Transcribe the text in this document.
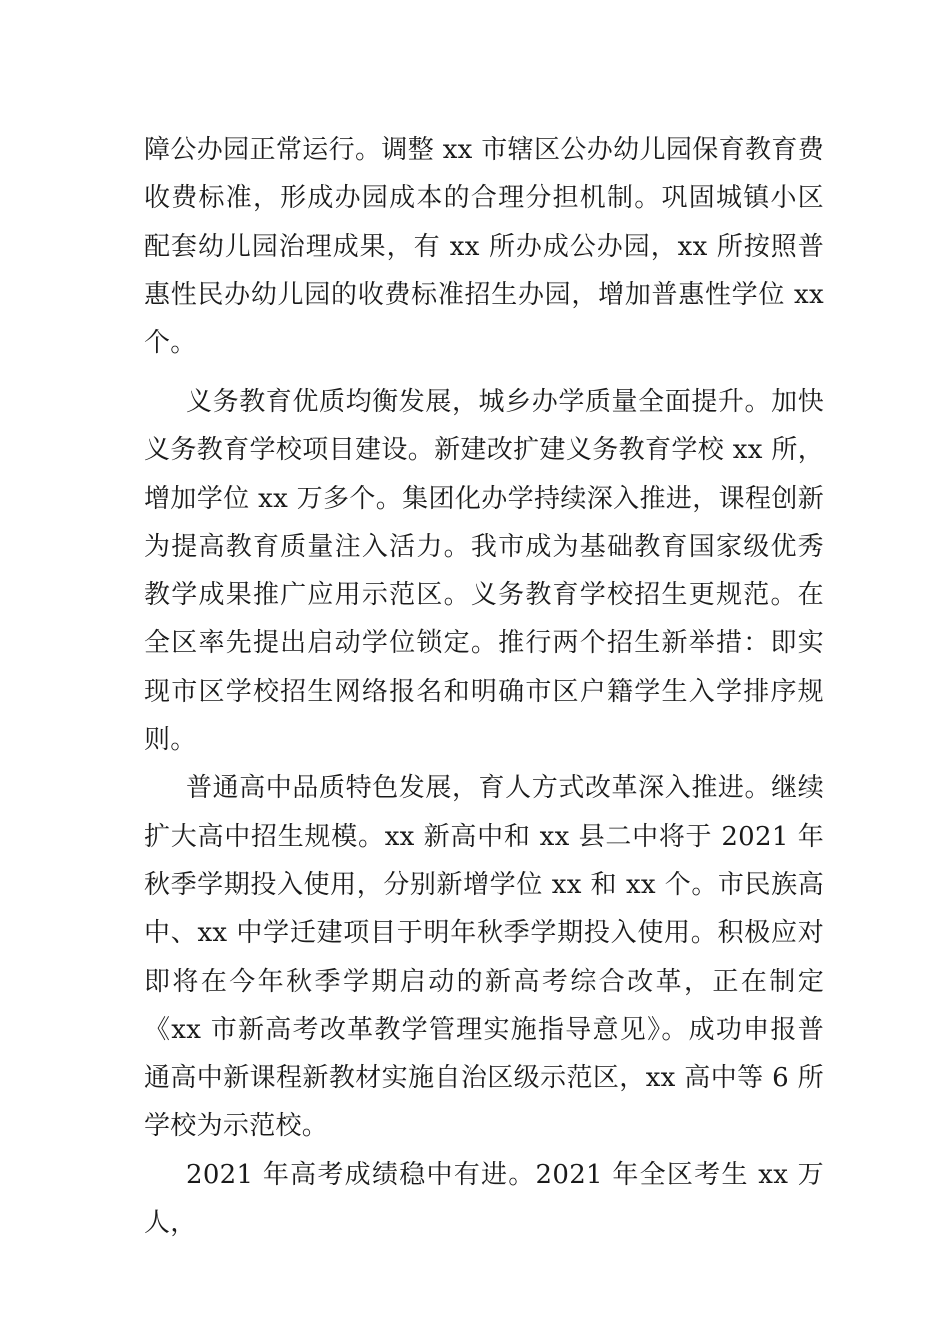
障公办园正常运行。调整 xx 市辖区公办幼儿园保育教育费收费标准，形成办园成本的合理分担机制。巩固城镇小区配套幼儿园治理成果，有 xx 所办成公办园，xx 所按照普惠性民办幼儿园的收费标准招生办园，增加普惠性学位 xx 个。

义务教育优质均衡发展，城乡办学质量全面提升。加快义务教育学校项目建设。新建改扩建义务教育学校 xx 所，增加学位 xx 万多个。集团化办学持续深入推进，课程创新为提高教育质量注入活力。我市成为基础教育国家级优秀教学成果推广应用示范区。义务教育学校招生更规范。在全区率先提出启动学位锁定。推行两个招生新举措：即实现市区学校招生网络报名和明确市区户籍学生入学排序规则。

普通高中品质特色发展，育人方式改革深入推进。继续扩大高中招生规模。xx 新高中和 xx 县二中将于 2021 年秋季学期投入使用，分别新增学位 xx 和 xx 个。市民族高中、xx 中学迁建项目于明年秋季学期投入使用。积极应对即将在今年秋季学期启动的新高考综合改革，正在制定《xx 市新高考改革教学管理实施指导意见》。成功申报普通高中新课程新教材实施自治区级示范区，xx 高中等 6 所学校为示范校。

2021 年高考成绩稳中有进。2021 年全区考生 xx 万人，
